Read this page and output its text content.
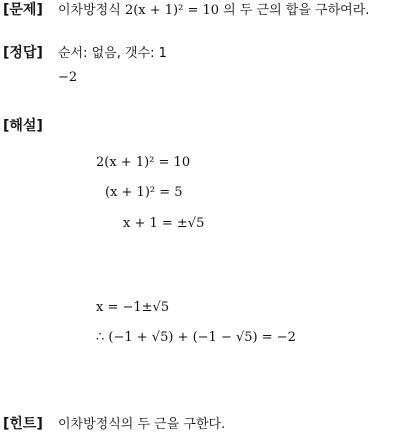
[문제] 이차방정식 2(x + 1)² = 10 의 두 근의 합을 구하여라.
[정답] 순서: 없음, 갯수: 1
−2
[해설]
2(x + 1)² = 10
(x + 1)² = 5
x + 1 = ±√5
x = −1±√5
∴ (−1 + √5) + (−1 − √5) = −2
[힌트] 이차방정식의 두 근을 구한다.
